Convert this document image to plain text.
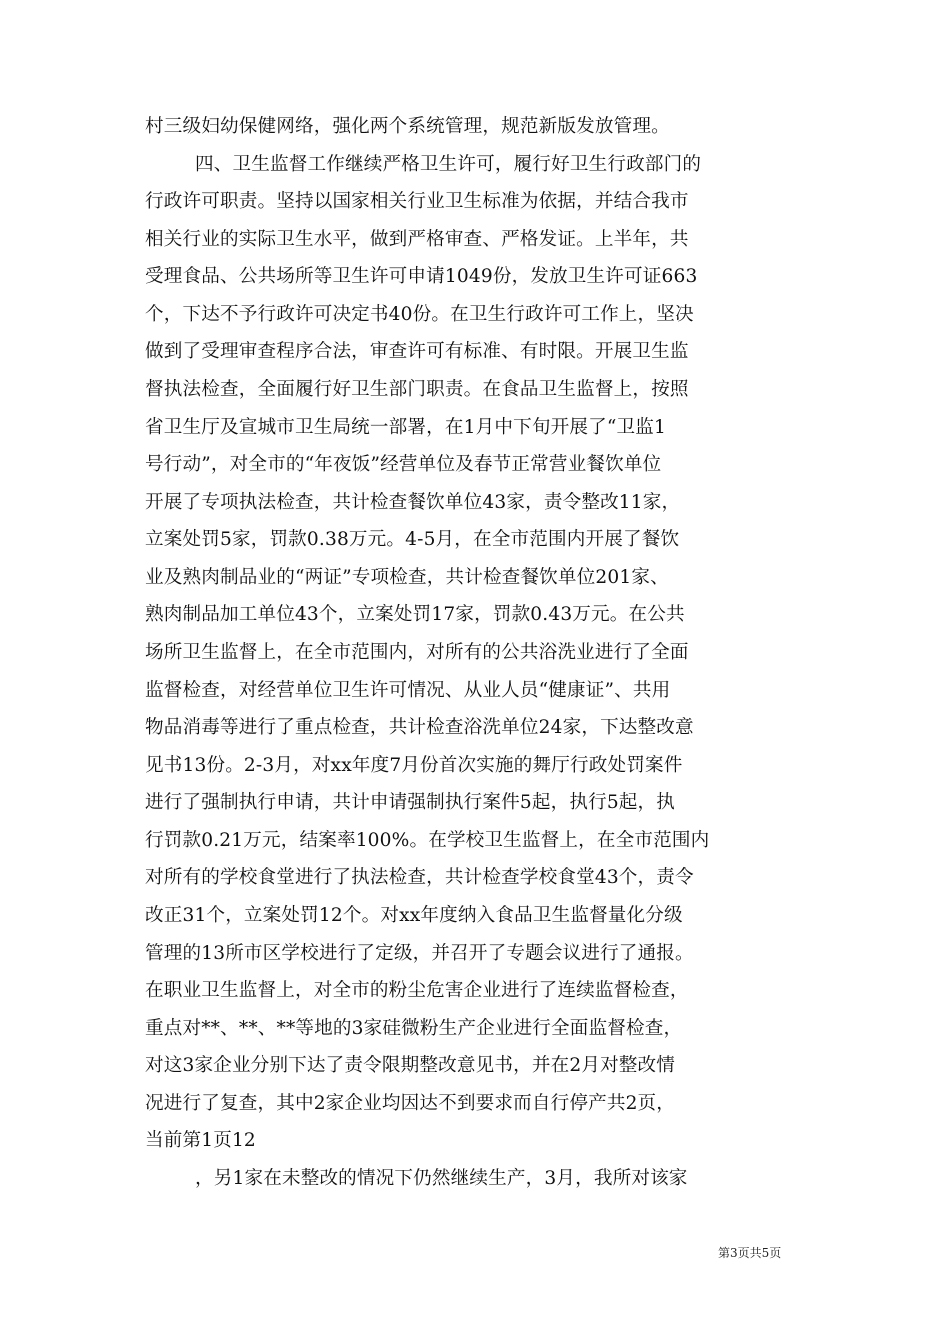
村三级妇幼保健网络，强化两个系统管理，规范新版发放管理。
四、卫生监督工作继续严格卫生许可，履行好卫生行政部门的
行政许可职责。坚持以国家相关行业卫生标准为依据，并结合我市
相关行业的实际卫生水平，做到严格审查、严格发证。上半年，共
受理食品、公共场所等卫生许可申请1049份，发放卫生许可证663
个，下达不予行政许可决定书40份。在卫生行政许可工作上，坚决
做到了受理审查程序合法，审查许可有标准、有时限。开展卫生监
督执法检查，全面履行好卫生部门职责。在食品卫生监督上，按照
省卫生厅及宣城市卫生局统一部署，在1月中下旬开展了“卫监1
号行动”，对全市的“年夜饭”经营单位及春节正常营业餐饮单位
开展了专项执法检查，共计检查餐饮单位43家，责令整改11家，
立案处罚5家，罚款0.38万元。4-5月，在全市范围内开展了餐饮
业及熟肉制品业的“两证”专项检查，共计检查餐饮单位201家、
熟肉制品加工单位43个，立案处罚17家，罚款0.43万元。在公共
场所卫生监督上，在全市范围内，对所有的公共浴洗业进行了全面
监督检查，对经营单位卫生许可情况、从业人员“健康证”、共用
物品消毒等进行了重点检查，共计检查浴洗单位24家，下达整改意
见书13份。2-3月，对xx年度7月份首次实施的舞厅行政处罚案件
进行了强制执行申请，共计申请强制执行案件5起，执行5起，执
行罚款0.21万元，结案率100%。在学校卫生监督上，在全市范围内
对所有的学校食堂进行了执法检查，共计检查学校食堂43个，责令
改正31个，立案处罚12个。对xx年度纳入食品卫生监督量化分级
管理的13所市区学校进行了定级，并召开了专题会议进行了通报。
在职业卫生监督上，对全市的粉尘危害企业进行了连续监督检查，
重点对**、**、**等地的3家硅微粉生产企业进行全面监督检查，
对这3家企业分别下达了责令限期整改意见书，并在2月对整改情
况进行了复查，其中2家企业均因达不到要求而自行停产共2页，
当前第1页12
，另1家在未整改的情况下仍然继续生产，3月，我所对该家
第3页共5页
